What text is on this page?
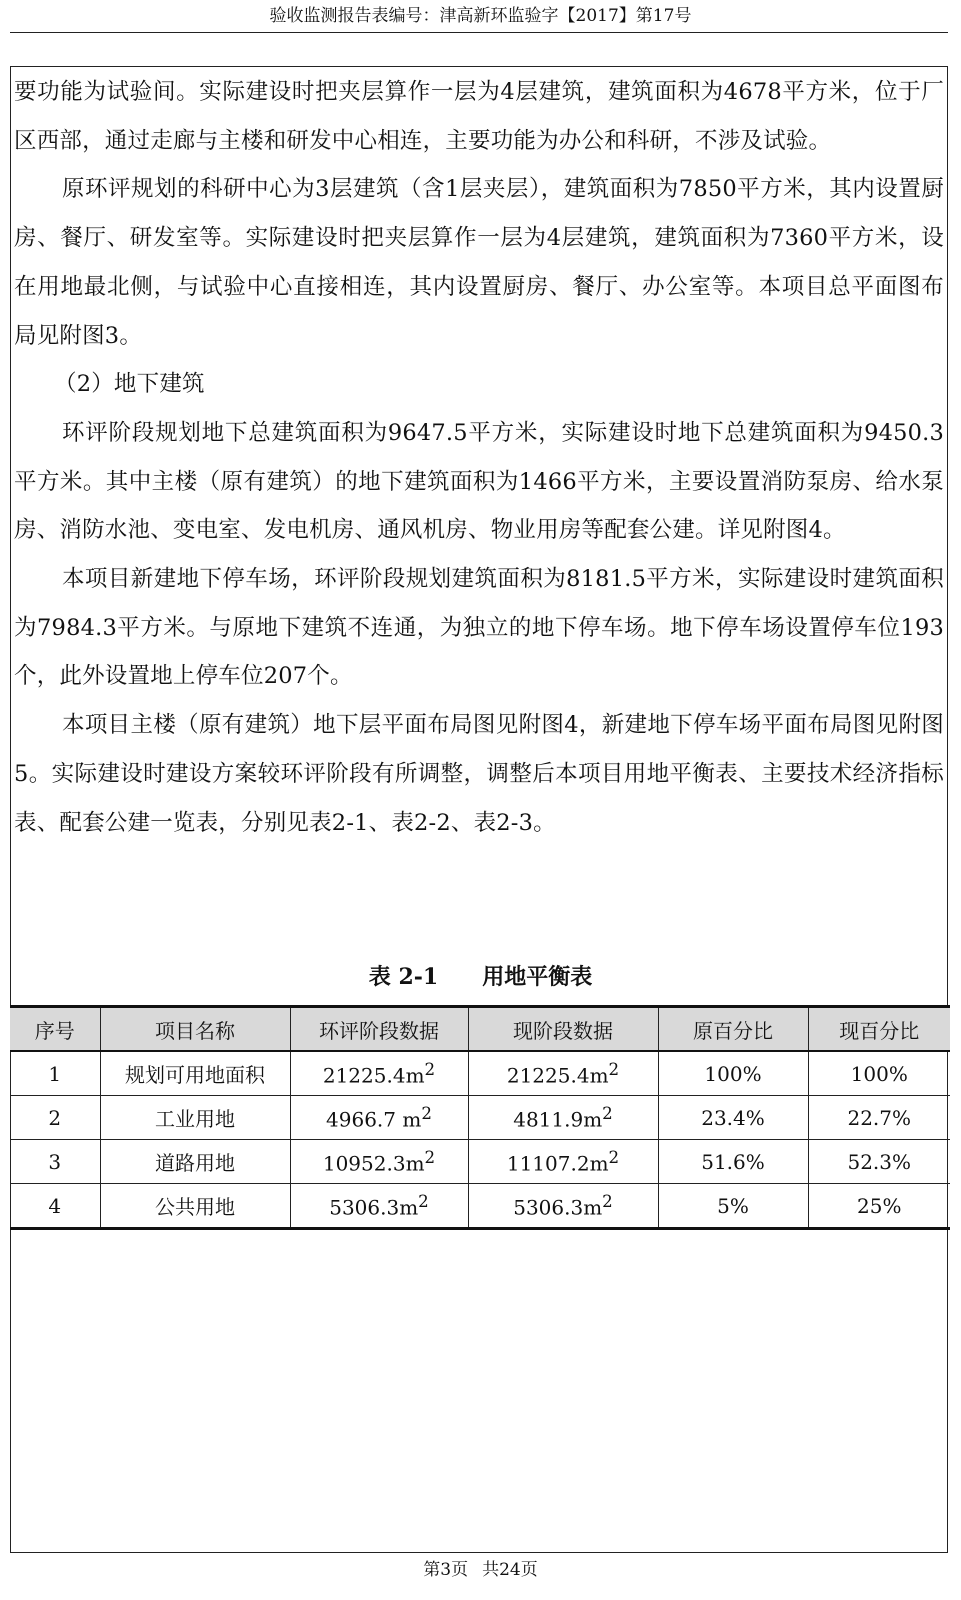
验收监测报告表编号：津高新环监验字【2017】第17号

要功能为试验间。实际建设时把夹层算作一层为4层建筑，建筑面积为4678平方米，位于厂区西部，通过走廊与主楼和研发中心相连，主要功能为办公和科研，不涉及试验。

原环评规划的科研中心为3层建筑（含1层夹层），建筑面积为7850平方米，其内设置厨房、餐厅、研发室等。实际建设时把夹层算作一层为4层建筑，建筑面积为7360平方米，设在用地最北侧，与试验中心直接相连，其内设置厨房、餐厅、办公室等。本项目总平面图布局见附图3。

（2）地下建筑

环评阶段规划地下总建筑面积为9647.5平方米，实际建设时地下总建筑面积为9450.3平方米。其中主楼（原有建筑）的地下建筑面积为1466平方米，主要设置消防泵房、给水泵房、消防水池、变电室、发电机房、通风机房、物业用房等配套公建。详见附图4。

本项目新建地下停车场，环评阶段规划建筑面积为8181.5平方米，实际建设时建筑面积为7984.3平方米。与原地下建筑不连通，为独立的地下停车场。地下停车场设置停车位193个，此外设置地上停车位207个。

本项目主楼（原有建筑）地下层平面布局图见附图4，新建地下停车场平面布局图见附图5。实际建设时建设方案较环评阶段有所调整，调整后本项目用地平衡表、主要技术经济指标表、配套公建一览表，分别见表2-1、表2-2、表2-3。

表 2-1 用地平衡表
序号	项目名称	环评阶段数据	现阶段数据	原百分比	现百分比
1	规划可用地面积	$21225.4m^2$	$21225.4m^2$	100%	100%
2	工业用地	4966.7 $m^2$	$4811.9m^2$	23.4%	22.7%
3	道路用地	$10952.3m^2$	$11107.2m^2$	51.6%	52.3%
4	公共用地	$5306.3m^2$	$5306.3m^2$	5%	25%
第3页 共24页
